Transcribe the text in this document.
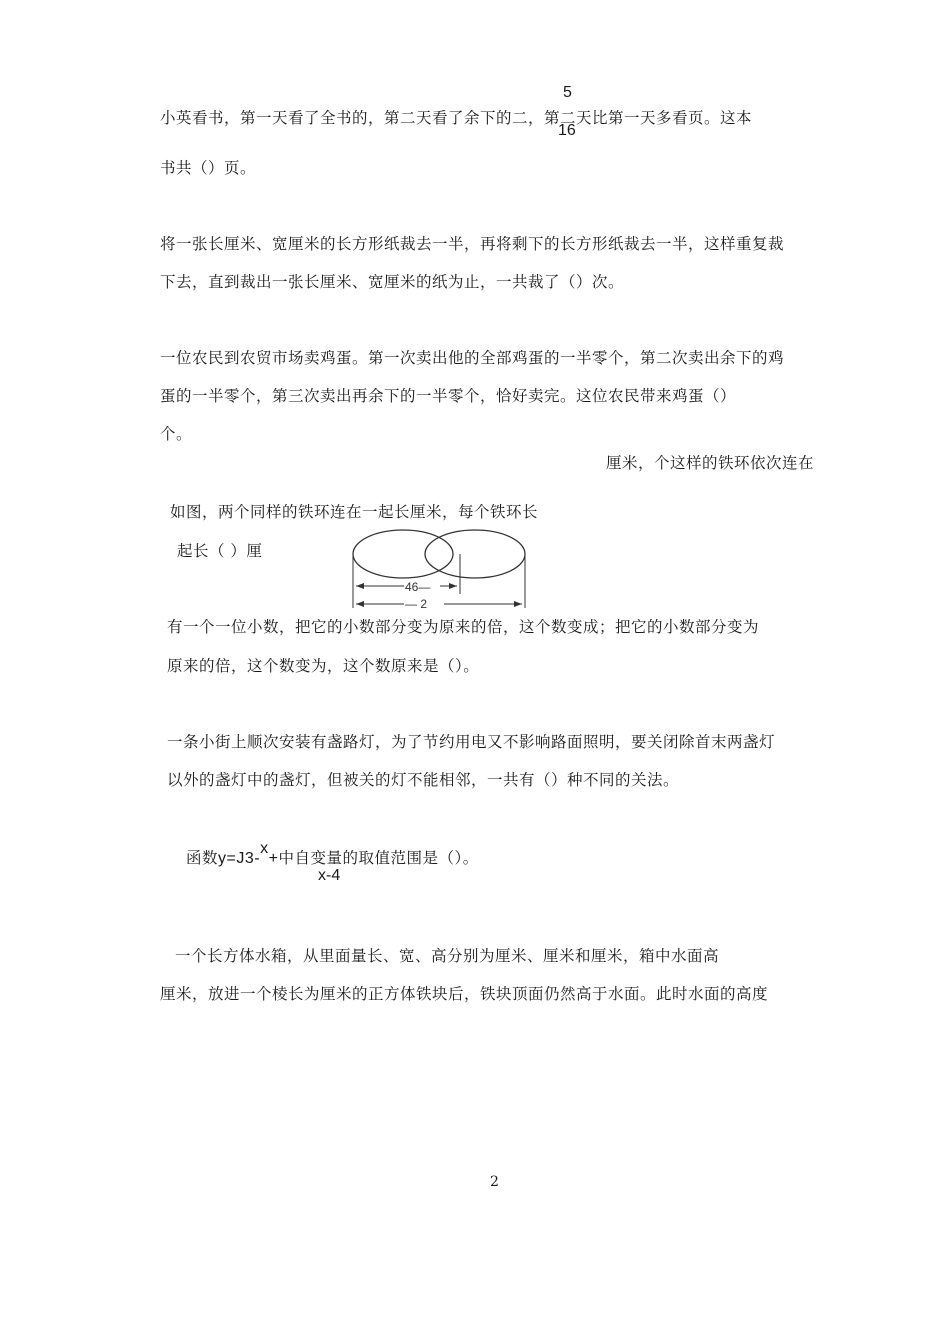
5
小英看书，第一天看了全书的，第二天看了余下的二，第二天比第一天多看页。这本
16
书共（）页。
将一张长厘米、宽厘米的长方形纸裁去一半，再将剩下的长方形纸裁去一半，这样重复裁
下去，直到裁出一张长厘米、宽厘米的纸为止，一共裁了（）次。
一位农民到农贸市场卖鸡蛋。第一次卖出他的全部鸡蛋的一半零个，第二次卖出余下的鸡
蛋的一半零个，第三次卖出再余下的一半零个，恰好卖完。这位农民带来鸡蛋（）
个。
厘米，个这样的铁环依次连在
如图，两个同样的铁环连在一起长厘米，每个铁环长
起长（ ）厘
46—
— 2
有一个一位小数，把它的小数部分变为原来的倍，这个数变成；把它的小数部分变为
原来的倍，这个数变为，这个数原来是（）。
一条小街上顺次安装有盏路灯，为了节约用电又不影响路面照明，要关闭除首末两盏灯
以外的盏灯中的盏灯，但被关的灯不能相邻，一共有（）种不同的关法。
函数y=J3-x+中自变量的取值范围是（）。
x-4
一个长方体水箱，从里面量长、宽、高分别为厘米、厘米和厘米，箱中水面高
厘米，放进一个棱长为厘米的正方体铁块后，铁块顶面仍然高于水面。此时水面的高度
2
